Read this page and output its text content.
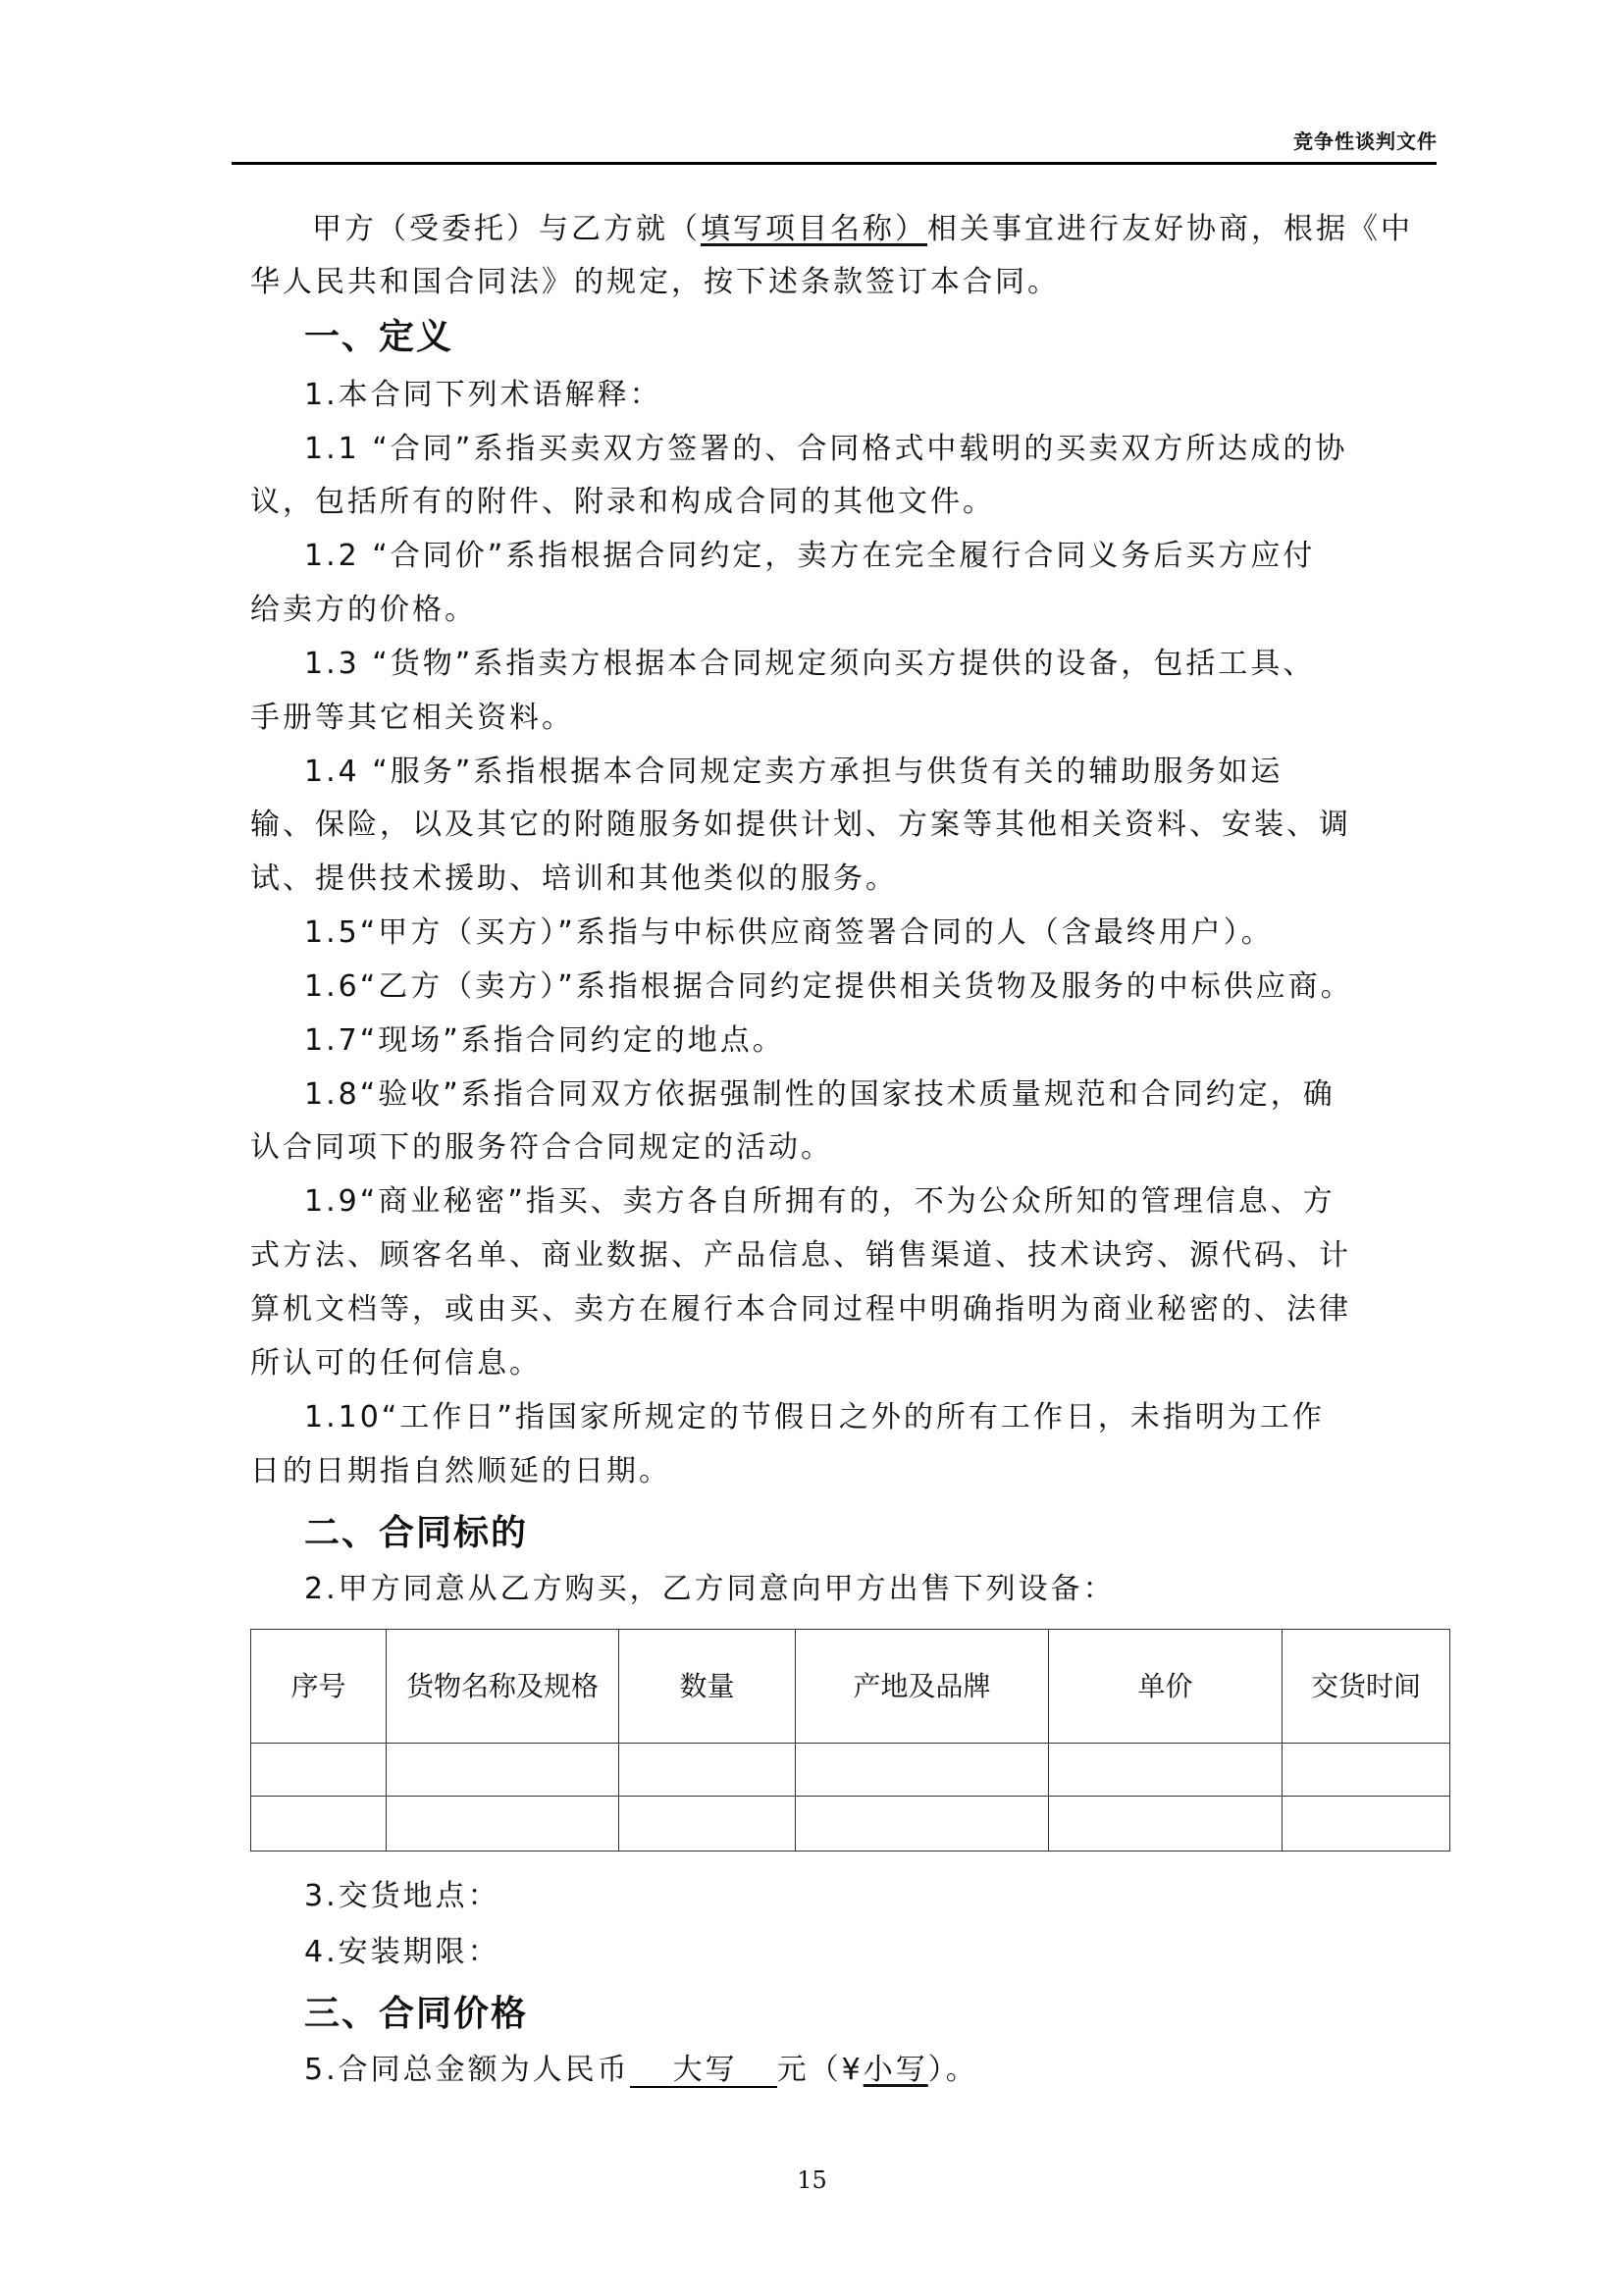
竞争性谈判文件
甲方（受委托）与乙方就（填写项目名称）相关事宜进行友好协商，根据《中
华人民共和国合同法》的规定，按下述条款签订本合同。
一、定义
1.本合同下列术语解释：
1.1 “合同”系指买卖双方签署的、合同格式中载明的买卖双方所达成的协
议，包括所有的附件、附录和构成合同的其他文件。
1.2 “合同价”系指根据合同约定，卖方在完全履行合同义务后买方应付
给卖方的价格。
1.3 “货物”系指卖方根据本合同规定须向买方提供的设备，包括工具、
手册等其它相关资料。
1.4 “服务”系指根据本合同规定卖方承担与供货有关的辅助服务如运
输、保险，以及其它的附随服务如提供计划、方案等其他相关资料、安装、调
试、提供技术援助、培训和其他类似的服务。
1.5“甲方（买方）”系指与中标供应商签署合同的人（含最终用户）。
1.6“乙方（卖方）”系指根据合同约定提供相关货物及服务的中标供应商。
1.7“现场”系指合同约定的地点。
1.8“验收”系指合同双方依据强制性的国家技术质量规范和合同约定，确
认合同项下的服务符合合同规定的活动。
1.9“商业秘密”指买、卖方各自所拥有的，不为公众所知的管理信息、方
式方法、顾客名单、商业数据、产品信息、销售渠道、技术诀窍、源代码、计
算机文档等，或由买、卖方在履行本合同过程中明确指明为商业秘密的、法律
所认可的任何信息。
1.10“工作日”指国家所规定的节假日之外的所有工作日，未指明为工作
日的日期指自然顺延的日期。
二、合同标的
2.甲方同意从乙方购买，乙方同意向甲方出售下列设备：
序号	货物名称及规格	数量	产地及品牌	单价	交货时间

3.交货地点：
4.安装期限：
三、合同价格
5.合同总金额为人民币 大写 元（¥小写）。
15
